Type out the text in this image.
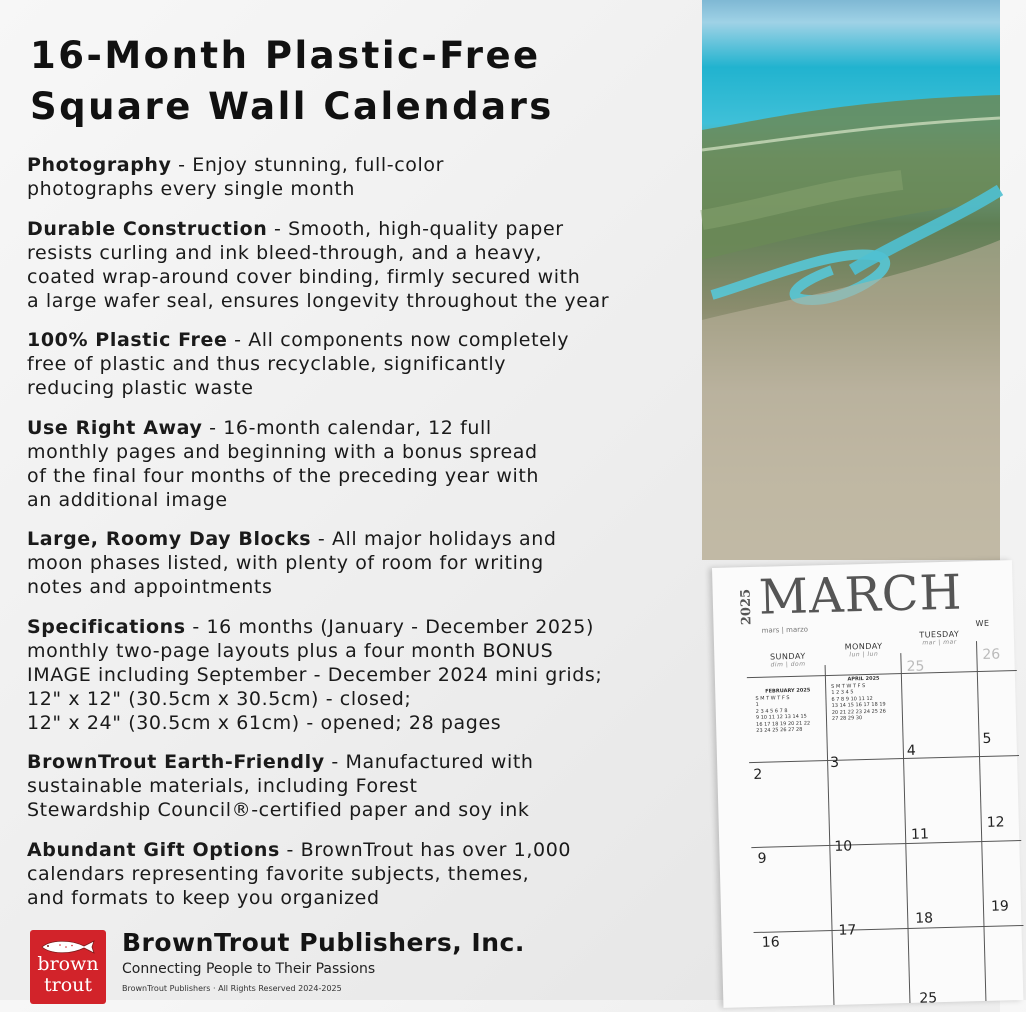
16-Month Plastic-Free
Square Wall Calendars

Photography - Enjoy stunning, full-color
photographs every single month

Durable Construction - Smooth, high-quality paper
resists curling and ink bleed-through, and a heavy,
coated wrap-around cover binding, firmly secured with
a large wafer seal, ensures longevity throughout the year

100% Plastic Free - All components now completely
free of plastic and thus recyclable, significantly
reducing plastic waste

Use Right Away - 16-month calendar, 12 full
monthly pages and beginning with a bonus spread
of the final four months of the preceding year with
an additional image

Large, Roomy Day Blocks - All major holidays and
moon phases listed, with plenty of room for writing
notes and appointments

Specifications - 16 months (January - December 2025)
monthly two-page layouts plus a four month BONUS
IMAGE including September - December 2024 mini grids;
12" x 12" (30.5cm x 30.5cm) - closed;
12" x 24" (30.5cm x 61cm) - opened; 28 pages

BrownTrout Earth-Friendly - Manufactured with
sustainable materials, including Forest
Stewardship Council®-certified paper and soy ink

Abundant Gift Options - BrownTrout has over 1,000
calendars representing favorite subjects, themes,
and formats to keep you organized

brown
trout
BrownTrout Publishers, Inc.
Connecting People to Their Passions
BrownTrout Publishers · All Rights Reserved 2024-2025
2025 MARCH
mars | marzo
SUNDAY
dim | dom
MONDAY
lun | lun
TUESDAY
mar | mar
WE
FEBRUARY 2025
S M T W T F S
1
2 3 4 5 6 7 8
9 10 11 12 13 14 15
16 17 18 19 20 21 22
23 24 25 26 27 28
APRIL 2025
S M T W T F S
1 2 3 4 5
6 7 8 9 10 11 12
13 14 15 16 17 18 19
20 21 22 23 24 25 26
27 28 29 30
25
26
2
3
4
5
9
10
11
12
16
17
18
19
25
